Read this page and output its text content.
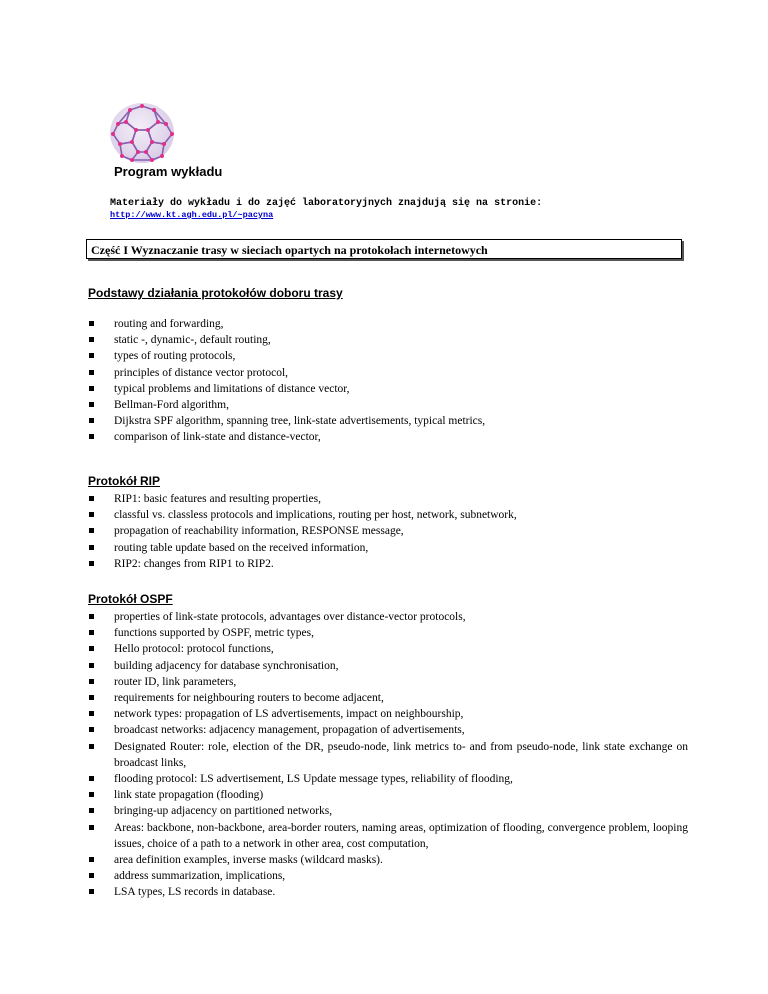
Program wykładu
Materiały do wykładu i do zajęć laboratoryjnych znajdują się na stronie:
http://www.kt.agh.edu.pl/~pacyna
Część I Wyznaczanie trasy w sieciach opartych na protokołach internetowych
Podstawy działania protokołów doboru trasy
routing and forwarding,
static -, dynamic-, default routing,
types of routing protocols,
principles of distance vector protocol,
typical problems and limitations of distance vector,
Bellman-Ford algorithm,
Dijkstra SPF algorithm, spanning tree, link-state advertisements, typical metrics,
comparison of link-state and distance-vector,
Protokół RIP
RIP1: basic features and resulting properties,
classful vs. classless protocols and implications, routing per host, network, subnetwork,
propagation of reachability information, RESPONSE message,
routing table update based on the received information,
RIP2: changes from RIP1 to RIP2.
Protokół OSPF
properties of link-state protocols, advantages over distance-vector protocols,
functions supported by OSPF, metric types,
Hello protocol: protocol functions,
building adjacency for database synchronisation,
router ID, link parameters,
requirements for neighbouring routers to become adjacent,
network types: propagation of LS advertisements, impact on neighbourship,
broadcast networks: adjacency management, propagation of advertisements,
Designated Router: role, election of the DR, pseudo-node, link metrics to- and from pseudo-node, link state exchange on broadcast links,
flooding protocol: LS advertisement, LS Update message types, reliability of flooding,
link state propagation (flooding)
bringing-up adjacency on partitioned networks,
Areas: backbone, non-backbone, area-border routers, naming areas, optimization of flooding, convergence problem, looping issues, choice of a path to a network in other area, cost computation,
area definition examples, inverse masks (wildcard masks).
address summarization, implications,
LSA types, LS records in database.
